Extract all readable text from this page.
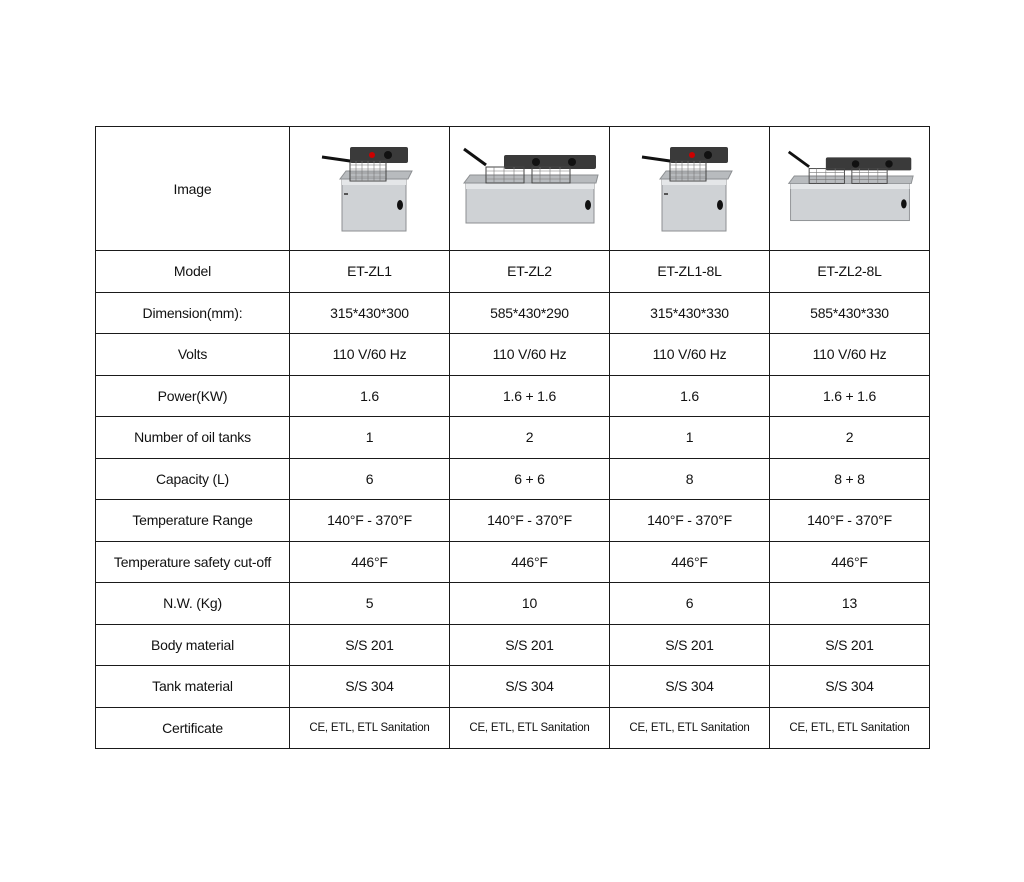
Image	

Model	ET-ZL1	ET-ZL2	ET-ZL1-8L	ET-ZL2-8L
Dimension(mm):	315*430*300	585*430*290	315*430*330	585*430*330
Volts	110 V/60 Hz	110 V/60 Hz	110 V/60 Hz	110 V/60 Hz
Power(KW)	1.6	1.6 + 1.6	1.6	1.6 + 1.6
Number of oil tanks	1	2	1	2
Capacity (L)	6	6 + 6	8	8 + 8
Temperature Range	140°F - 370°F	140°F - 370°F	140°F - 370°F	140°F - 370°F
Temperature safety cut-off	446°F	446°F	446°F	446°F
N.W. (Kg)	5	10	6	13
Body material	S/S 201	S/S 201	S/S 201	S/S 201
Tank material	S/S 304	S/S 304	S/S 304	S/S 304
Certificate	CE, ETL, ETL Sanitation	CE, ETL, ETL Sanitation	CE, ETL, ETL Sanitation	CE, ETL, ETL Sanitation
